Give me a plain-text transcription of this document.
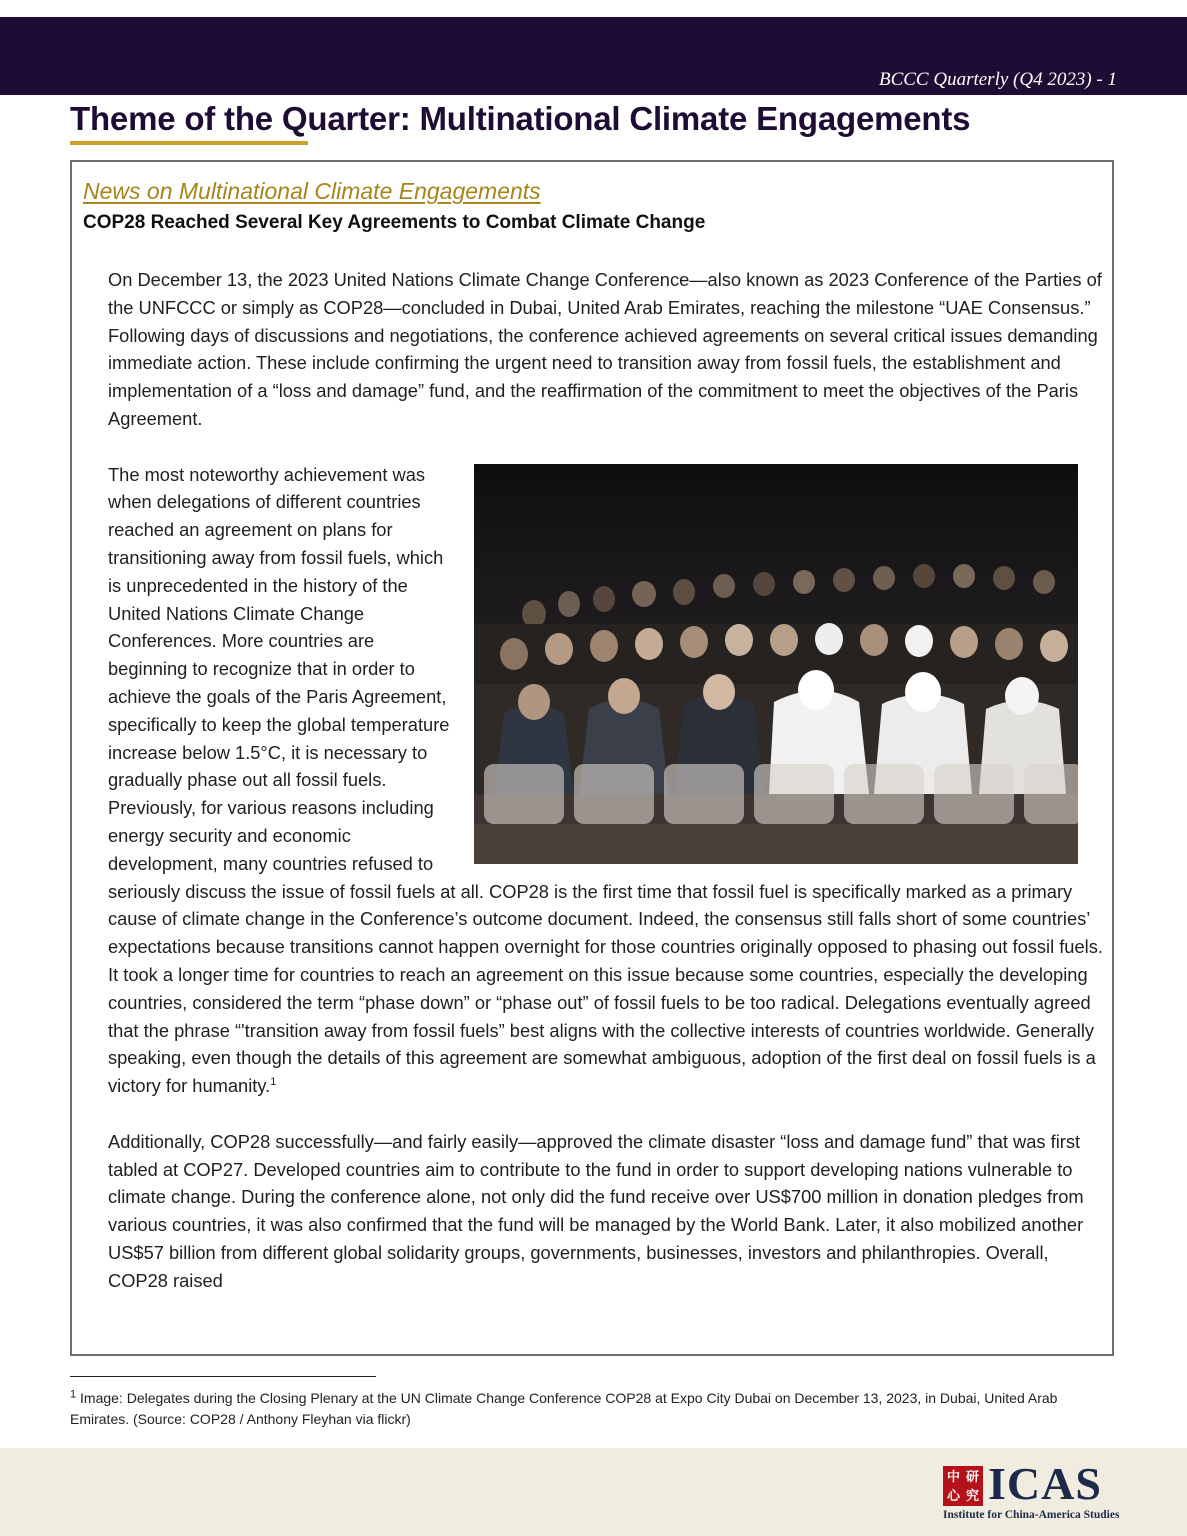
BCCC Quarterly (Q4 2023) - 1
Theme of the Quarter: Multinational Climate Engagements
News on Multinational Climate Engagements
COP28 Reached Several Key Agreements to Combat Climate Change

On December 13, the 2023 United Nations Climate Change Conference—also known as 2023 Conference of the Parties of the UNFCCC or simply as COP28—concluded in Dubai, United Arab Emirates, reaching the milestone “UAE Consensus.” Following days of discussions and negotiations, the conference achieved agreements on several critical issues demanding immediate action. These include confirming the urgent need to transition away from fossil fuels, the establishment and implementation of a “loss and damage” fund, and the reaffirmation of the commitment to meet the objectives of the Paris Agreement.

The most noteworthy achievement was when delegations of different countries reached an agreement on plans for transitioning away from fossil fuels, which is unprecedented in the history of the United Nations Climate Change Conferences. More countries are beginning to recognize that in order to achieve the goals of the Paris Agreement, specifically to keep the global temperature increase below 1.5°C, it is necessary to gradually phase out all fossil fuels. Previously, for various reasons including energy security and economic development, many countries refused to seriously discuss the issue of fossil fuels at all. COP28 is the first time that fossil fuel is specifically marked as a primary cause of climate change in the Conference’s outcome document. Indeed, the consensus still falls short of some countries’ expectations because transitions cannot happen overnight for those countries originally opposed to phasing out fossil fuels. It took a longer time for countries to reach an agreement on this issue because some countries, especially the developing countries, considered the term “phase down” or “phase out” of fossil fuels to be too radical. Delegations eventually agreed that the phrase “'transition away from fossil fuels” best aligns with the collective interests of countries worldwide. Generally speaking, even though the details of this agreement are somewhat ambiguous, adoption of the first deal on fossil fuels is a victory for humanity.$^1$

Additionally, COP28 successfully—and fairly easily—approved the climate disaster “loss and damage fund” that was first tabled at COP27. Developed countries aim to contribute to the fund in order to support developing nations vulnerable to climate change. During the conference alone, not only did the fund receive over US$700 million in donation pledges from various countries, it was also confirmed that the fund will be managed by the World Bank. Later, it also mobilized another US$57 billion from different global solidarity groups, governments, businesses, investors and philanthropies. Overall, COP28 raised

$^1$ Image: Delegates during the Closing Plenary at the UN Climate Change Conference COP28 at Expo City Dubai on December 13, 2023, in Dubai, United Arab Emirates. (Source: COP28 / Anthony Fleyhan via flickr)
中 研
心 究 ICAS
Institute for China-America Studies
